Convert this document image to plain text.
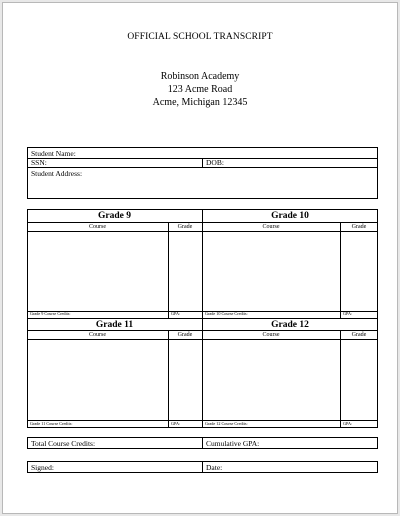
OFFICIAL SCHOOL TRANSCRIPT
Robinson Academy
123 Acme Road
Acme, Michigan 12345
Student Name:
SSN:	DOB:
Student Address:
Grade 9
Course	Grade
Grade 9 Course Credits:	GPA:
Grade 10
Course	Grade
Grade 10 Course Credits:	GPA:
Grade 11
Course	Grade
Grade 11 Course Credits:	GPA:
Grade 12
Course	Grade
Grade 12 Course Credits:	GPA:
Total Course Credits:	Cumulative GPA:
Signed:	Date:
